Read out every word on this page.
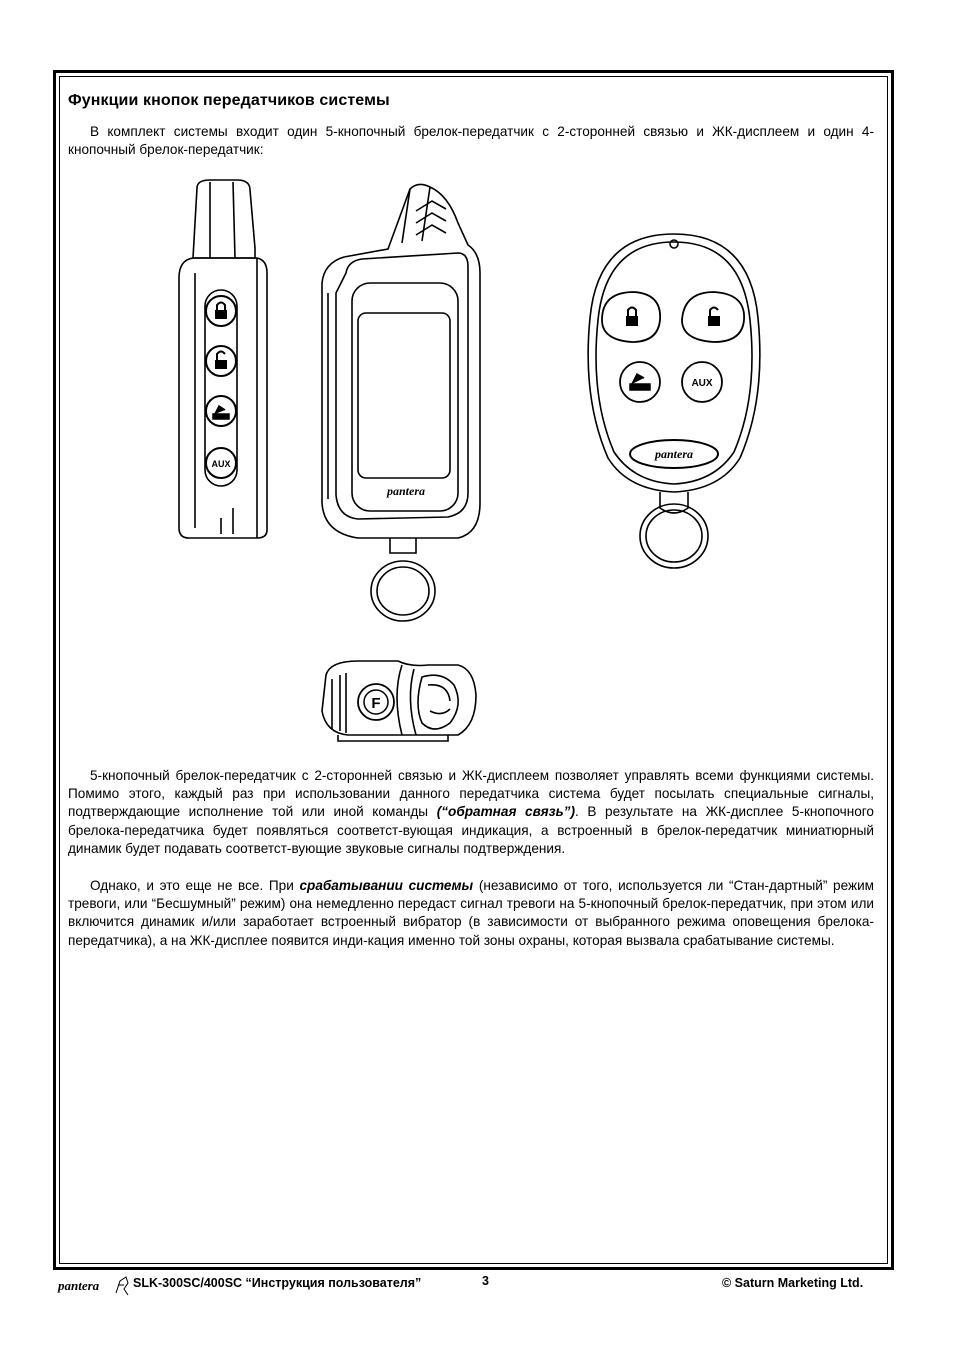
Функции кнопок передатчиков системы
В комплект системы входит один 5-кнопочный брелок-передатчик с 2-сторонней связью и ЖК-дисплеем и один 4-кнопочный брелок-передатчик:
AUX
pantera
AUX
pantera
F
5-кнопочный брелок-передатчик с 2-сторонней связью и ЖК-дисплеем позволяет управлять всеми функциями системы. Помимо этого, каждый раз при использовании данного передатчика система будет посылать специальные сигналы, подтверждающие исполнение той или иной команды (“обратная связь”). В результате на ЖК-дисплее 5-кнопочного брелока-передатчика будет появляться соответст-вующая индикация, а встроенный в брелок-передатчик миниатюрный динамик будет подавать соответст-вующие звуковые сигналы подтверждения.
Однако, и это еще не все. При срабатывании системы (независимо от того, используется ли “Стан-дартный” режим тревоги, или “Бесшумный” режим) она немедленно передаст сигнал тревоги на 5-кнопочный брелок-передатчик, при этом или включится динамик и/или заработает встроенный вибратор (в зависимости от выбранного режима оповещения брелока-передатчика), а на ЖК-дисплее появится инди-кация именно той зоны охраны, которая вызвала срабатывание системы.
pantera	SLK-300SC/400SC “Инструкция пользователя”	3	© Saturn Marketing Ltd.
